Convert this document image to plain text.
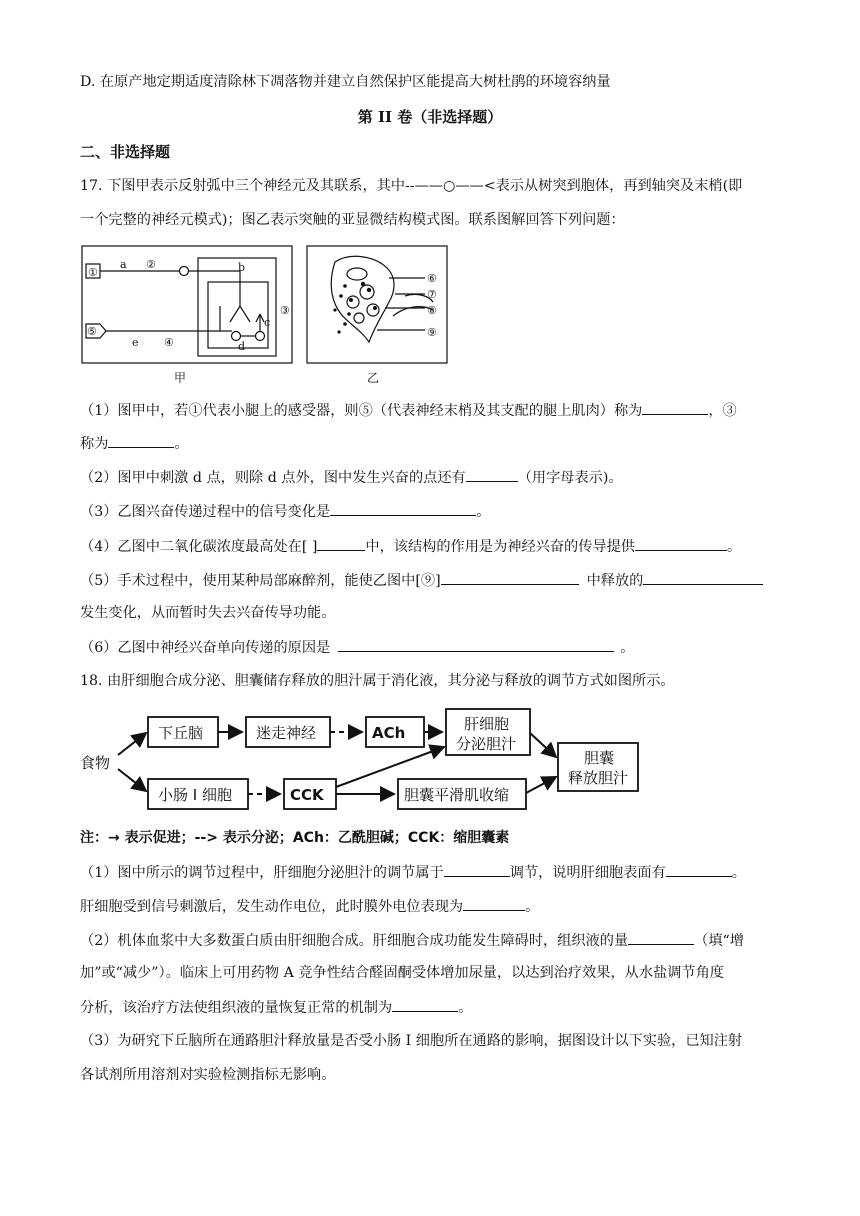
D. 在原产地定期适度清除林下凋落物并建立自然保护区能提高大树杜鹃的环境容纳量
第 II 卷（非选择题）
二、非选择题
17. 下图甲表示反射弧中三个神经元及其联系，其中--——○——<表示从树突到胞体，再到轴突及末梢(即
一个完整的神经元模式)；图乙表示突触的亚显微结构模式图。联系图解回答下列问题：
①
a ②	b
③
⑤
e ④
c
d
甲
⑥
⑦
⑧
⑨
乙
（1）图甲中，若①代表小腿上的感受器，则⑤（代表神经末梢及其支配的腿上肌肉）称为	，③
称为	。
（2）图甲中刺激 d 点，则除 d 点外，图中发生兴奋的点还有	（用字母表示)。
（3）乙图兴奋传递过程中的信号变化是	。
（4）乙图中二氧化碳浓度最高处在[ ]	中，该结构的作用是为神经兴奋的传导提供	。
（5）手术过程中，使用某种局部麻醉剂，能使乙图中[⑨]	中释放的
发生变化，从而暂时失去兴奋传导功能。
（6）乙图中神经兴奋单向传递的原因是	。
18. 由肝细胞合成分泌、胆囊储存释放的胆汁属于消化液，其分泌与释放的调节方式如图所示。
食物
下丘脑	迷走神经	ACh	肝细胞
分泌胆汁
小肠 I 细胞	CCK	胆囊平滑肌收缩
胆囊
释放胆汁
注：→ 表示促进；--> 表示分泌；ACh：乙酰胆碱；CCK：缩胆囊素
（1）图中所示的调节过程中，肝细胞分泌胆汁的调节属于	调节，说明肝细胞表面有	。
肝细胞受到信号刺激后，发生动作电位，此时膜外电位表现为	。
（2）机体血浆中大多数蛋白质由肝细胞合成。肝细胞合成功能发生障碍时，组织液的量	（填“增
加”或“减少”）。临床上可用药物 A 竞争性结合醛固酮受体增加尿量，以达到治疗效果，从水盐调节角度
分析，该治疗方法使组织液的量恢复正常的机制为	。
（3）为研究下丘脑所在通路胆汁释放量是否受小肠 I 细胞所在通路的影响，据图设计以下实验，已知注射
各试剂所用溶剂对实验检测指标无影响。
